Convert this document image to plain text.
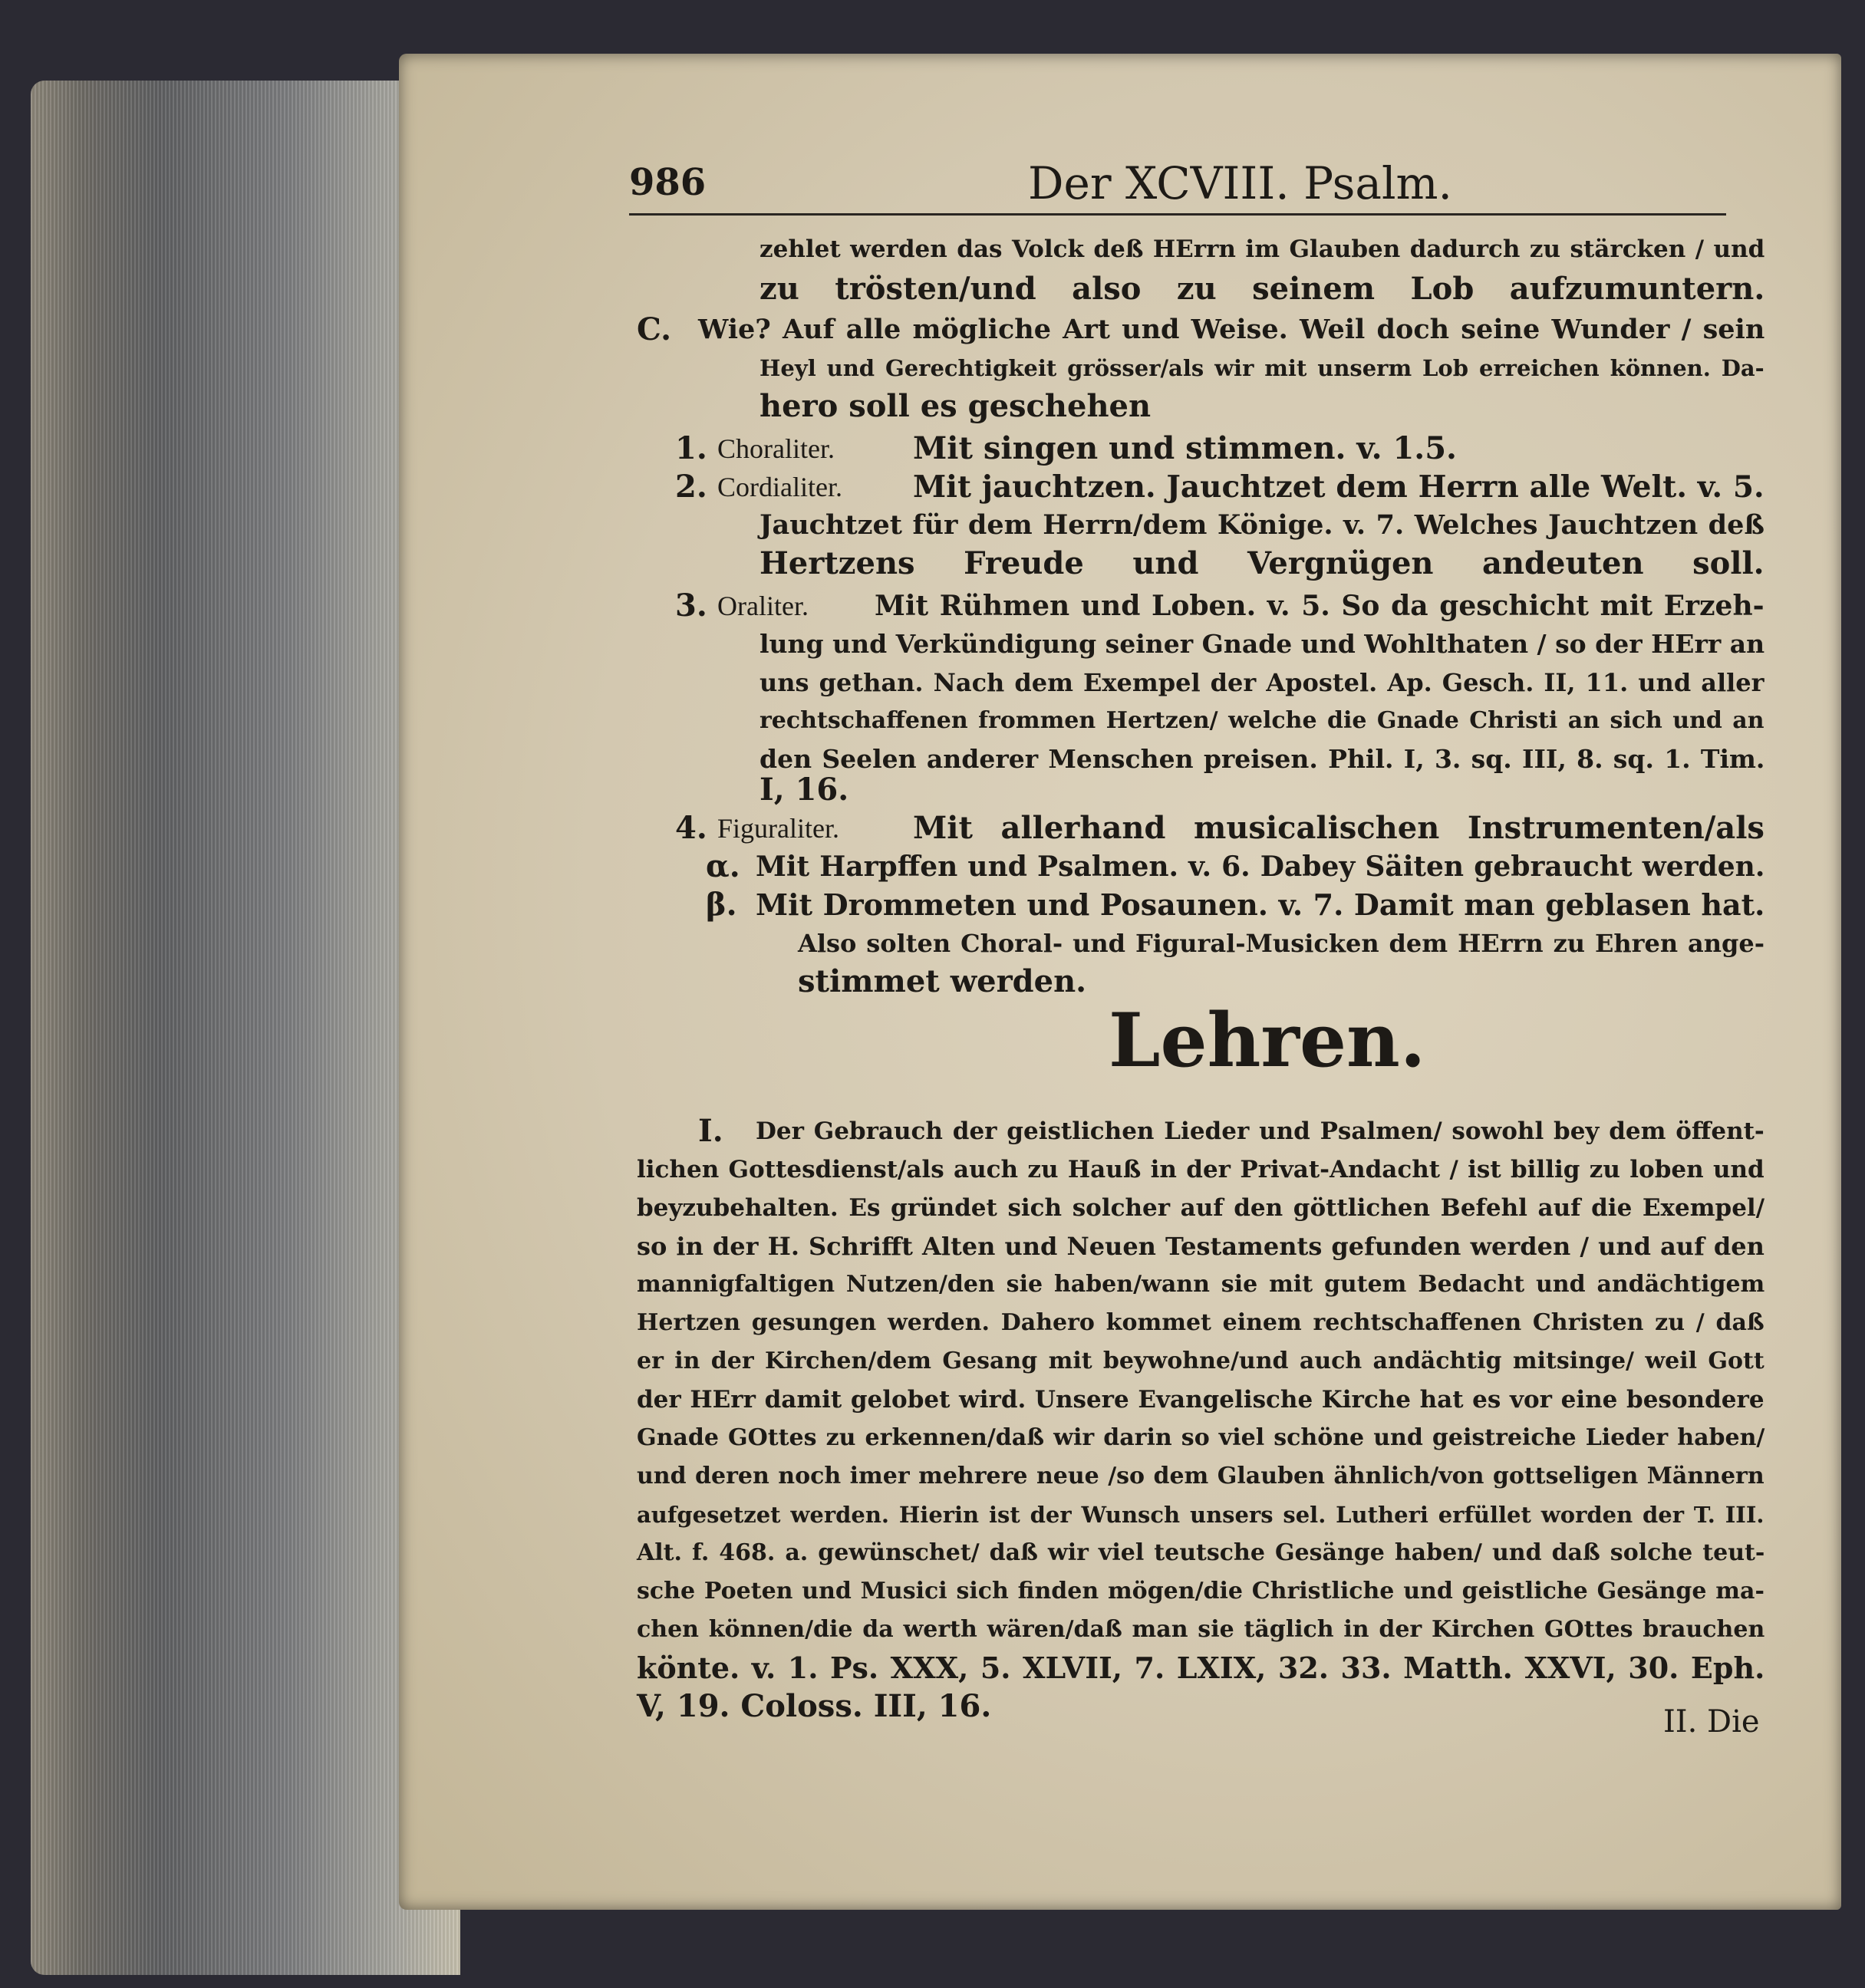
986	Der XCVIII. Psalm.
zehlet werden das Volck deß HErrn im Glauben dadurch zu stärcken / und
zu trösten/und also zu seinem Lob aufzumuntern.
C. Wie? Auf alle mögliche Art und Weise. Weil doch seine Wunder / sein
Heyl und Gerechtigkeit grösser/als wir mit unserm Lob erreichen können. Da-
hero soll es geschehen
1. Choraliter.	Mit singen und stimmen. v. 1.5.
2. Cordialiter. Mit jauchtzen. Jauchtzet dem Herrn alle Welt. v. 5.
Jauchtzet für dem Herrn/dem Könige. v. 7. Welches Jauchtzen deß
Hertzens Freude und Vergnügen andeuten soll.
3. Oraliter. Mit Rühmen und Loben. v. 5. So da geschicht mit Erzeh-
lung und Verkündigung seiner Gnade und Wohlthaten / so der HErr an
uns gethan. Nach dem Exempel der Apostel. Ap. Gesch. II, 11. und aller
rechtschaffenen frommen Hertzen/ welche die Gnade Christi an sich und an
den Seelen anderer Menschen preisen. Phil. I, 3. sq. III, 8. sq. 1. Tim.
I, 16.
4. Figuraliter. Mit allerhand musicalischen Instrumenten/als
α. Mit Harpffen und Psalmen. v. 6. Dabey Säiten gebraucht werden.
β. Mit Drommeten und Posaunen. v. 7. Damit man geblasen hat.
Also solten Choral- und Figural-Musicken dem HErrn zu Ehren ange-
stimmet werden.
Lehren.
I. Der Gebrauch der geistlichen Lieder und Psalmen/ sowohl bey dem öffent-
lichen Gottesdienst/als auch zu Hauß in der Privat-Andacht / ist billig zu loben und
beyzubehalten. Es gründet sich solcher auf den göttlichen Befehl auf die Exempel/
so in der H. Schrifft Alten und Neuen Testaments gefunden werden / und auf den
mannigfaltigen Nutzen/den sie haben/wann sie mit gutem Bedacht und andächtigem
Hertzen gesungen werden. Dahero kommet einem rechtschaffenen Christen zu / daß
er in der Kirchen/dem Gesang mit beywohne/und auch andächtig mitsinge/ weil Gott
der HErr damit gelobet wird. Unsere Evangelische Kirche hat es vor eine besondere
Gnade GOttes zu erkennen/daß wir darin so viel schöne und geistreiche Lieder haben/
und deren noch imer mehrere neue /so dem Glauben ähnlich/von gottseligen Männern
aufgesetzet werden. Hierin ist der Wunsch unsers sel. Lutheri erfüllet worden der T. III.
Alt. f. 468. a. gewünschet/ daß wir viel teutsche Gesänge haben/ und daß solche teut-
sche Poeten und Musici sich finden mögen/die Christliche und geistliche Gesänge ma-
chen können/die da werth wären/daß man sie täglich in der Kirchen GOttes brauchen
könte. v. 1. Ps. XXX, 5. XLVII, 7. LXIX, 32. 33. Matth. XXVI, 30. Eph.
V, 19. Coloss. III, 16.	II. Die
